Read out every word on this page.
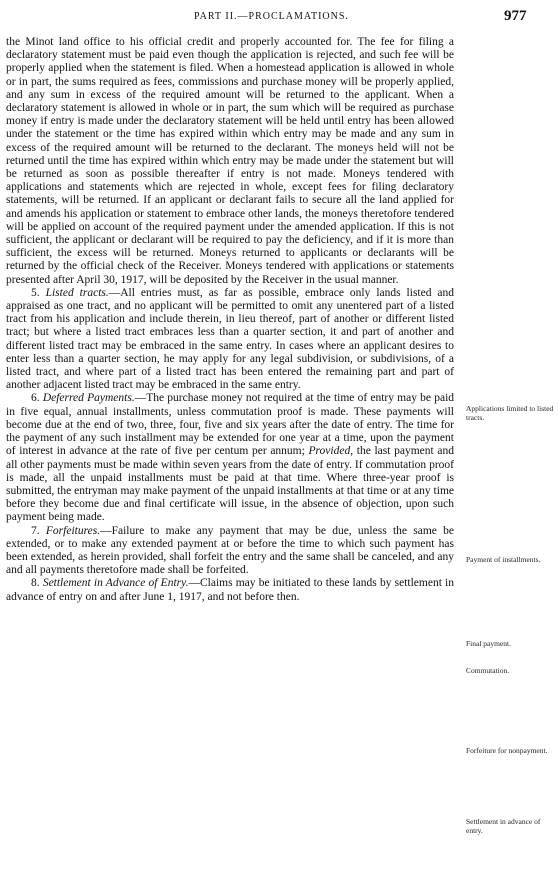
PART II.—PROCLAMATIONS.	977

the Minot land office to his official credit and properly accounted for. The fee for filing a declaratory statement must be paid even though the application is rejected, and such fee will be properly applied when the statement is filed. When a homestead application is allowed in whole or in part, the sums required as fees, commissions and purchase money will be properly applied, and any sum in excess of the required amount will be returned to the applicant. When a declaratory statement is allowed in whole or in part, the sum which will be required as purchase money if entry is made under the declaratory statement will be held until entry has been allowed under the statement or the time has expired within which entry may be made and any sum in excess of the required amount will be returned to the declarant. The moneys held will not be returned until the time has expired within which entry may be made under the statement but will be returned as soon as possible thereafter if entry is not made. Moneys tendered with applications and statements which are rejected in whole, except fees for filing declaratory statements, will be returned. If an applicant or declarant fails to secure all the land applied for and amends his application or statement to embrace other lands, the moneys theretofore tendered will be applied on account of the required payment under the amended application. If this is not sufficient, the applicant or declarant will be required to pay the deficiency, and if it is more than sufficient, the excess will be returned. Moneys returned to applicants or declarants will be returned by the official check of the Receiver. Moneys tendered with applications or statements presented after April 30, 1917, will be deposited by the Receiver in the usual manner.

5. Listed tracts.—All entries must, as far as possible, embrace only lands listed and appraised as one tract, and no applicant will be permitted to omit any unentered part of a listed tract from his application and include therein, in lieu thereof, part of another or different listed tract; but where a listed tract embraces less than a quarter section, it and part of another and different listed tract may be embraced in the same entry. In cases where an applicant desires to enter less than a quarter section, he may apply for any legal subdivision, or subdivisions, of a listed tract, and where part of a listed tract has been entered the remaining part and part of another adjacent listed tract may be embraced in the same entry.

6. Deferred Payments.—The purchase money not required at the time of entry may be paid in five equal, annual installments, unless commutation proof is made. These payments will become due at the end of two, three, four, five and six years after the date of entry. The time for the payment of any such installment may be extended for one year at a time, upon the payment of interest in advance at the rate of five per centum per annum; Provided, the last payment and all other payments must be made within seven years from the date of entry. If commutation proof is made, all the unpaid installments must be paid at that time. Where three-year proof is submitted, the entryman may make payment of the unpaid installments at that time or at any time before they become due and final certificate will issue, in the absence of objection, upon such payment being made.

7. Forfeitures.—Failure to make any payment that may be due, unless the same be extended, or to make any extended payment at or before the time to which such payment has been extended, as herein provided, shall forfeit the entry and the same shall be canceled, and any and all payments theretofore made shall be forfeited.

8. Settlement in Advance of Entry.—Claims may be initiated to these lands by settlement in advance of entry on and after June 1, 1917, and not before then.

Applications limited to listed tracts.
Payment of installments.
Final payment.
Commutation.
Forfeiture for nonpayment.
Settlement in advance of entry.
